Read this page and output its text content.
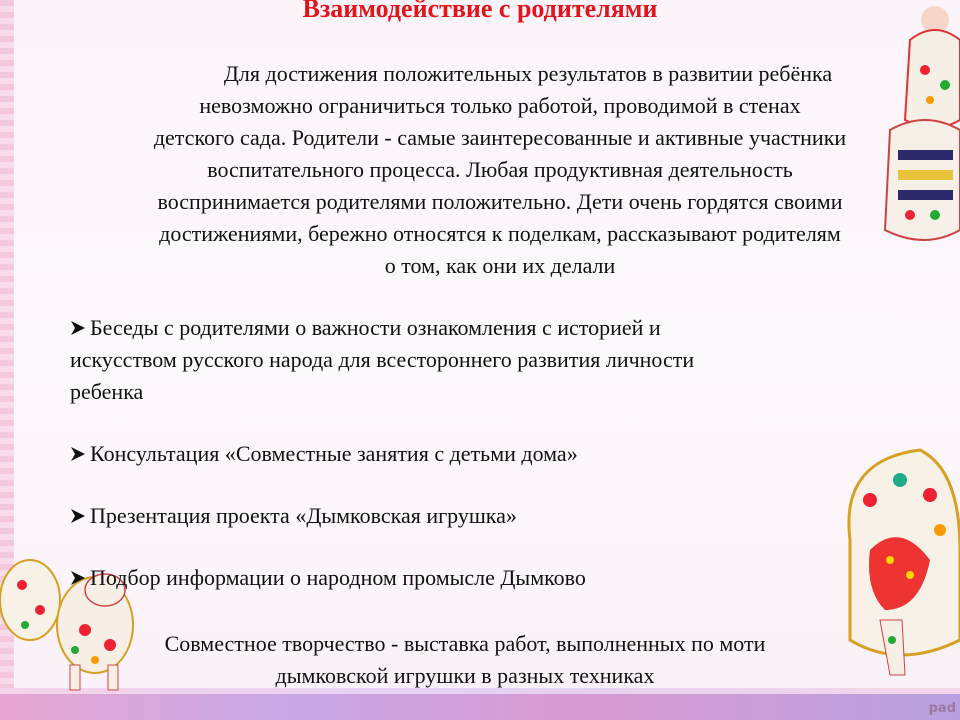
Взаимодействие с родителями

Для достижения положительных результатов в развитии ребёнка
невозможно ограничиться только работой, проводимой в стенах
детского сада. Родители - самые заинтересованные и активные участники
воспитательного процесса. Любая продуктивная деятельность
воспринимается родителями положительно. Дети очень гордятся своими
достижениями, бережно относятся к поделкам, рассказывают родителям
о том, как они их делали

Беседы с родителями о важности ознакомления с историей и
искусством русского народа для всестороннего развития личности
ребенка
Консультация «Совместные занятия с детьми дома»
Презентация проекта «Дымковская игрушка»
Подбор информации о народном промысле Дымково

Совместное творчество - выставка работ, выполненных по моти
дымковской игрушки в разных техниках

pad
